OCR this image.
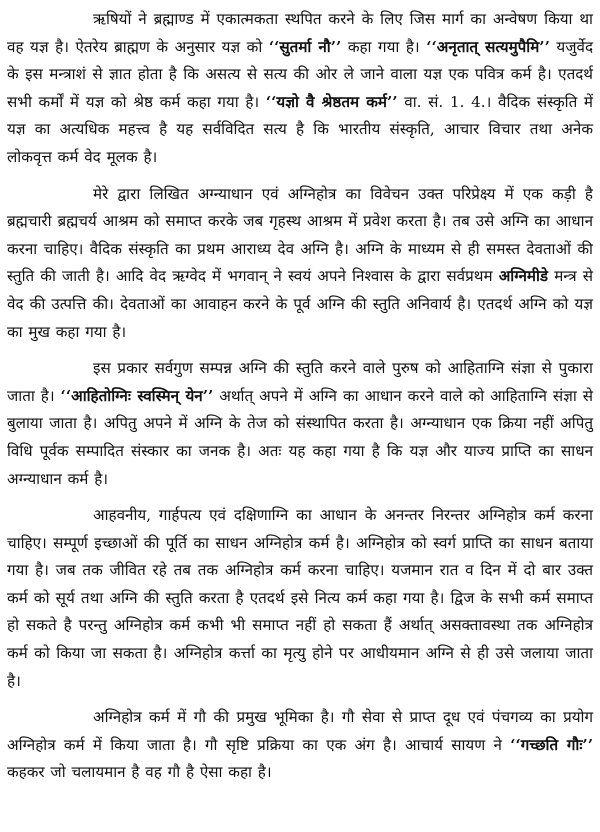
ऋषियों ने ब्रह्माण्ड में एकात्मकता स्थपित करने के लिए जिस मार्ग का अन्वेषण किया था वह यज्ञ है। ऐतरेय ब्राह्मण के अनुसार यज्ञ को ‘‘सुतर्मा नौ’’ कहा गया है। ‘‘अनृतात् सत्यमुपैमि’’ यजुर्वेद के इस मन्त्राशं से ज्ञात होता है कि असत्य से सत्य की ओर ले जाने वाला यज्ञ एक पवित्र कर्म है। एतदर्थ सभी कर्मों में यज्ञ को श्रेष्ठ कर्म कहा गया है। ‘‘यज्ञो वै श्रेष्ठतम कर्म’’ वा. सं. 1. 4.। वैदिक संस्कृति में यज्ञ का अत्यधिक महत्त्व है यह सर्वविदित सत्य है कि भारतीय संस्कृति, आचार विचार तथा अनेक लोकवृत्त कर्म वेद मूलक है।

मेरे द्वारा लिखित अग्न्याधान एवं अग्निहोत्र का विवेचन उक्त परिप्रेक्ष्य में एक कड़ी है ब्रह्मचारी ब्रह्मचर्य आश्रम को समाप्त करके जब गृहस्थ आश्रम में प्रवेश करता है। तब उसे अग्नि का आधान करना चाहिए। वैदिक संस्कृति का प्रथम आराध्य देव अग्नि है। अग्नि के माध्यम से ही समस्त देवताओं की स्तुति की जाती है। आदि वेद ऋग्वेद में भगवान् ने स्वयं अपने निश्वास के द्वारा सर्वप्रथम अग्निमीडे मन्त्र से वेद की उत्पत्ति की। देवताओं का आवाहन करने के पूर्व अग्नि की स्तुति अनिवार्य है। एतदर्थ अग्नि को यज्ञ का मुख कहा गया है।

इस प्रकार सर्वगुण सम्पन्न अग्नि की स्तुति करने वाले पुरुष को आहिताग्नि संज्ञा से पुकारा जाता है। ‘‘आहितोग्निः स्वस्मिन् येन’’ अर्थात् अपने में अग्नि का आधान करने वाले को आहिताग्नि संज्ञा से बुलाया जाता है। अपितु अपने में अग्नि के तेज को संस्थापित करता है। अग्न्याधान एक क्रिया नहीं अपितु विधि पूर्वक सम्पादित संस्कार का जनक है। अतः यह कहा गया है कि यज्ञ और याज्य प्राप्ति का साधन अग्न्याधान कर्म है।

आहवनीय, गार्हपत्य एवं दक्षिणाग्नि का आधान के अनन्तर निरन्तर अग्निहोत्र कर्म करना चाहिए। सम्पूर्ण इच्छाओं की पूर्ति का साधन अग्निहोत्र कर्म है। अग्निहोत्र को स्वर्ग प्राप्ति का साधन बताया गया है। जब तक जीवित रहे तब तक अग्निहोत्र कर्म करना चाहिए। यजमान रात व दिन में दो बार उक्त कर्म को सूर्य तथा अग्नि की स्तुति करता है एतदर्थ इसे नित्य कर्म कहा गया है। द्विज के सभी कर्म समाप्त हो सकते है परन्तु अग्निहोत्र कर्म कभी भी समाप्त नहीं हो सकता हैं अर्थात् असक्तावस्था तक अग्निहोत्र कर्म को किया जा सकता है। अग्निहोत्र कर्त्ता का मृत्यु होने पर आधीयमान अग्नि से ही उसे जलाया जाता है।

अग्निहोत्र कर्म में गौ की प्रमुख भूमिका है। गौ सेवा से प्राप्त दूध एवं पंचगव्य का प्रयोग अग्निहोत्र कर्म में किया जाता है। गौ सृष्टि प्रक्रिया का एक अंग है। आचार्य सायण ने ‘‘गच्छति गौः’’ कहकर जो चलायमान है वह गौ है ऐसा कहा है।
